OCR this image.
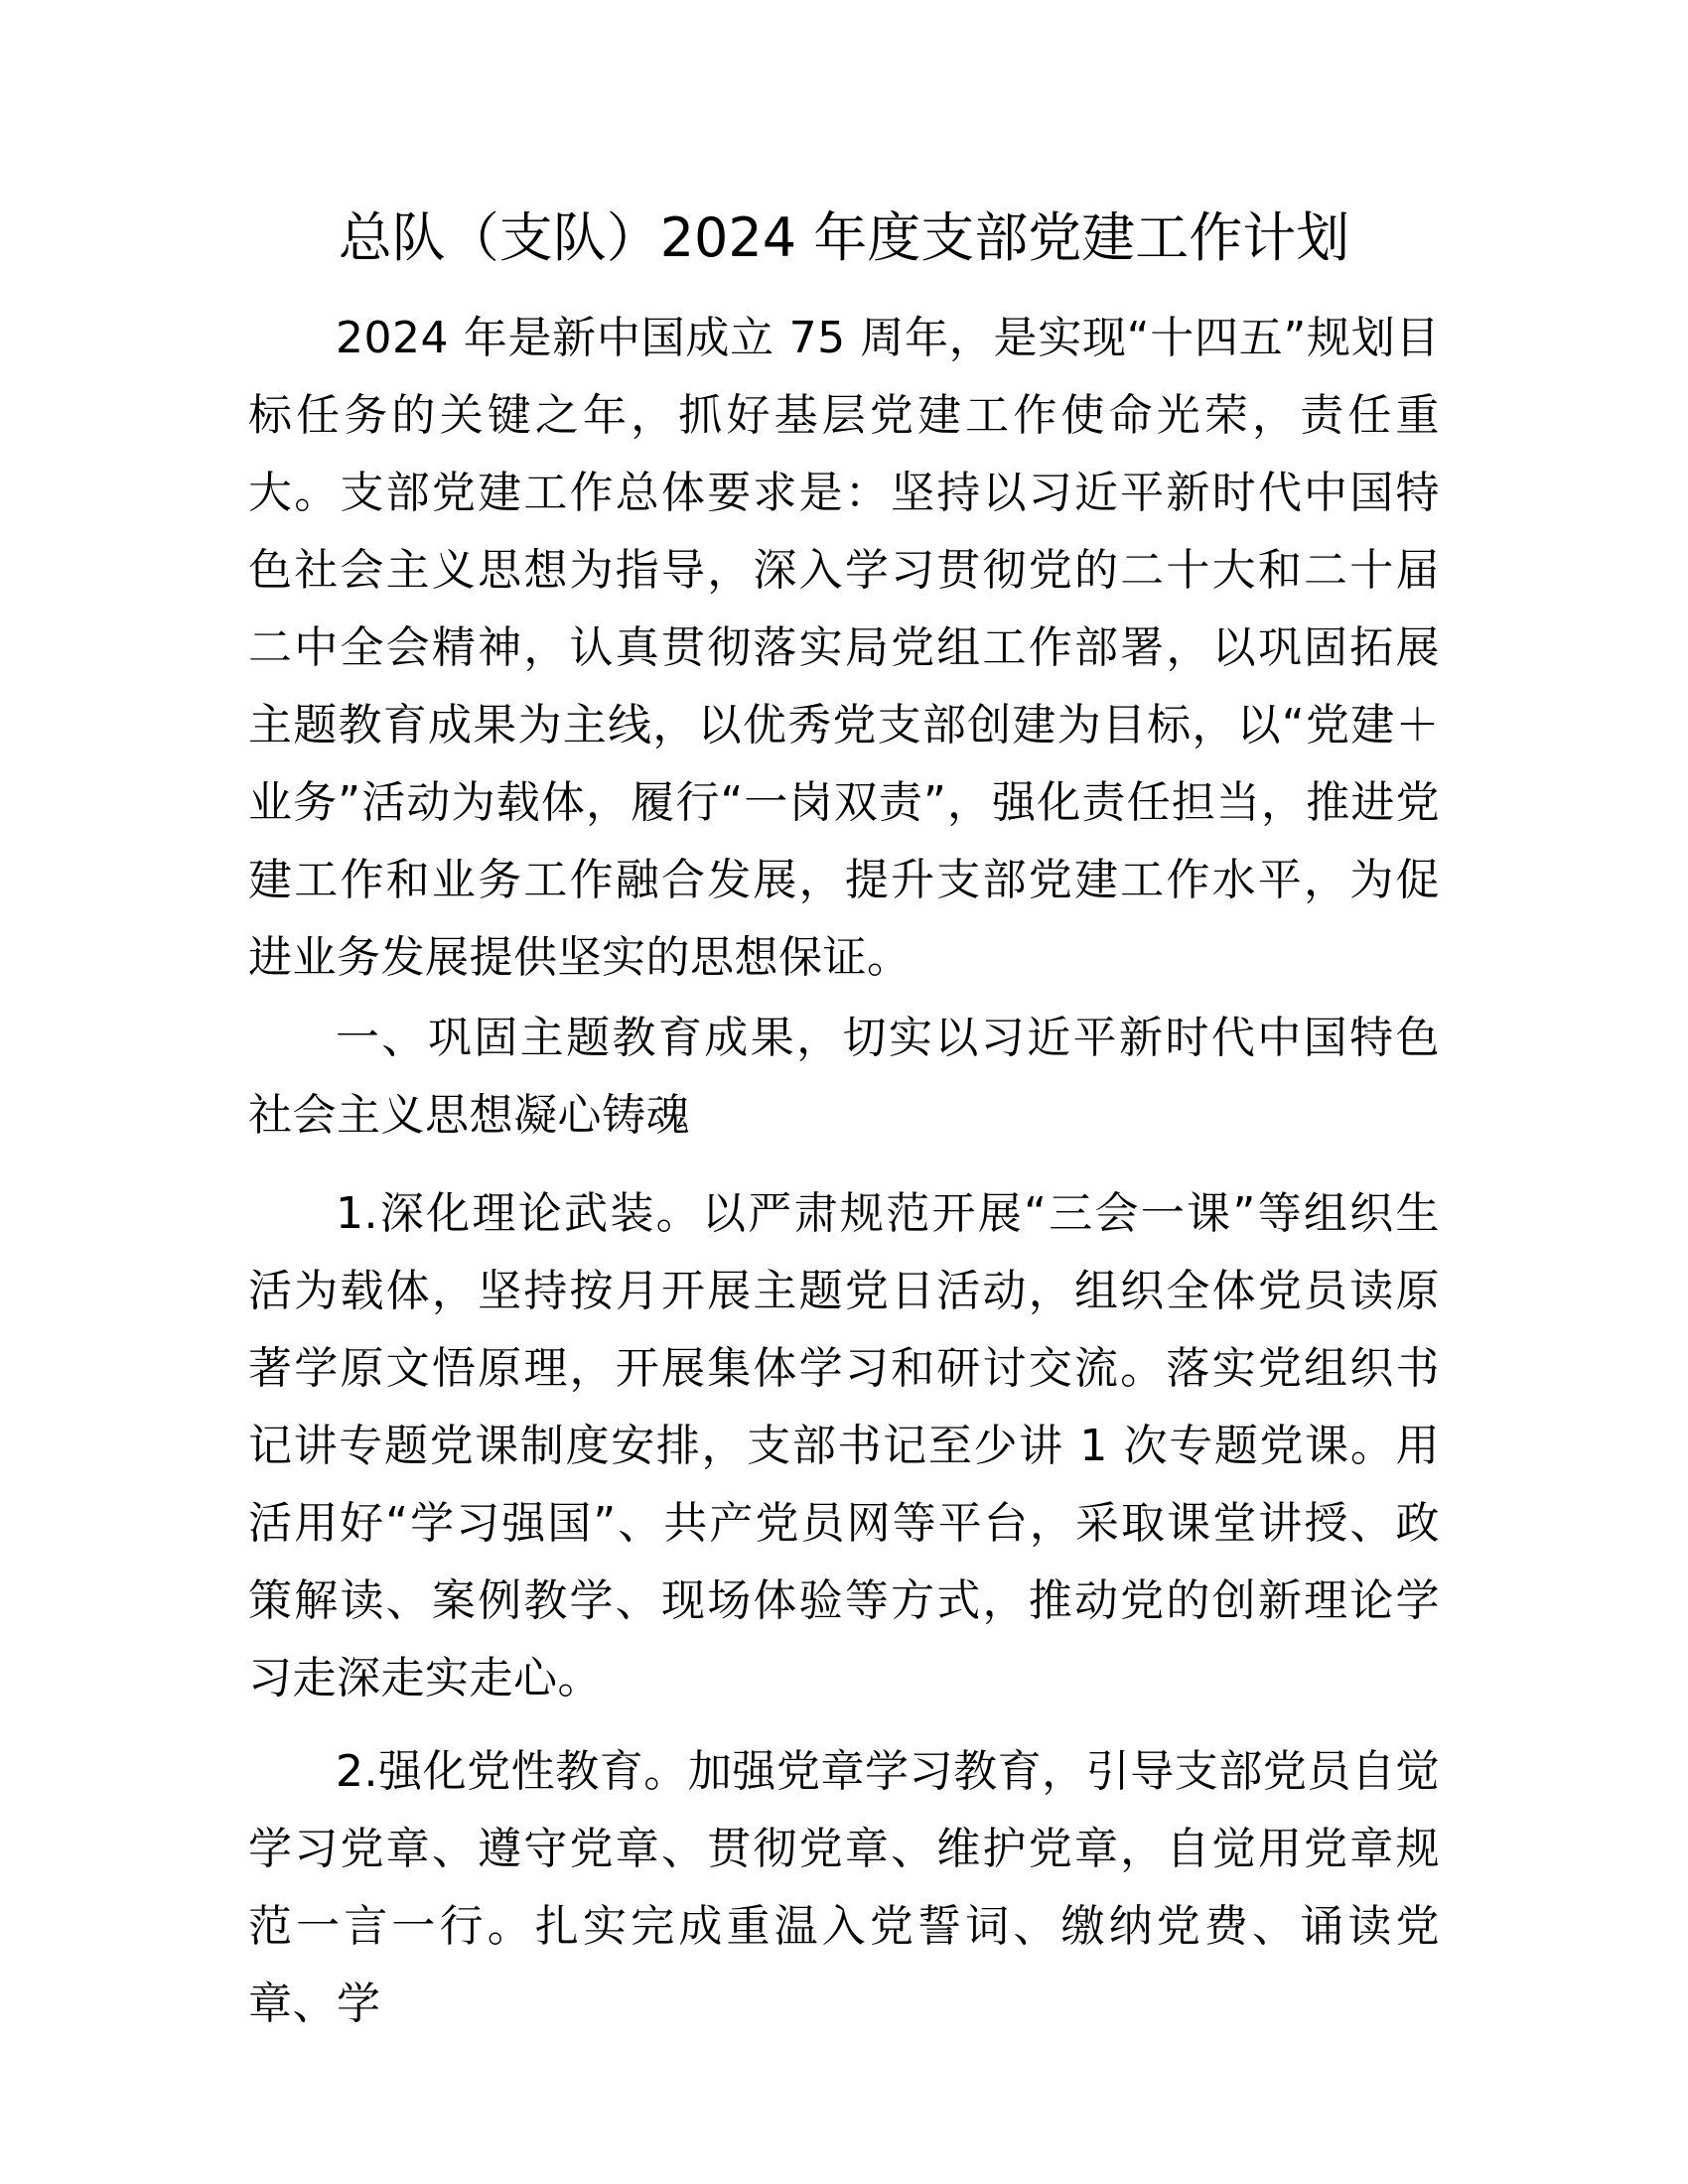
总队（支队）2024 年度支部党建工作计划

2024 年是新中国成立 75 周年，是实现“十四五”规划目标任务的关键之年，抓好基层党建工作使命光荣，责任重大。支部党建工作总体要求是：坚持以习近平新时代中国特色社会主义思想为指导，深入学习贯彻党的二十大和二十届二中全会精神，认真贯彻落实局党组工作部署，以巩固拓展主题教育成果为主线，以优秀党支部创建为目标，以“党建＋业务”活动为载体，履行“一岗双责”，强化责任担当，推进党建工作和业务工作融合发展，提升支部党建工作水平，为促进业务发展提供坚实的思想保证。

一、巩固主题教育成果，切实以习近平新时代中国特色社会主义思想凝心铸魂

1.深化理论武装。以严肃规范开展“三会一课”等组织生活为载体，坚持按月开展主题党日活动，组织全体党员读原著学原文悟原理，开展集体学习和研讨交流。落实党组织书记讲专题党课制度安排，支部书记至少讲 1 次专题党课。用活用好“学习强国”、共产党员网等平台，采取课堂讲授、政策解读、案例教学、现场体验等方式，推动党的创新理论学习走深走实走心。

2.强化党性教育。加强党章学习教育，引导支部党员自觉学习党章、遵守党章、贯彻党章、维护党章，自觉用党章规范一言一行。扎实完成重温入党誓词、缴纳党费、诵读党章、学
